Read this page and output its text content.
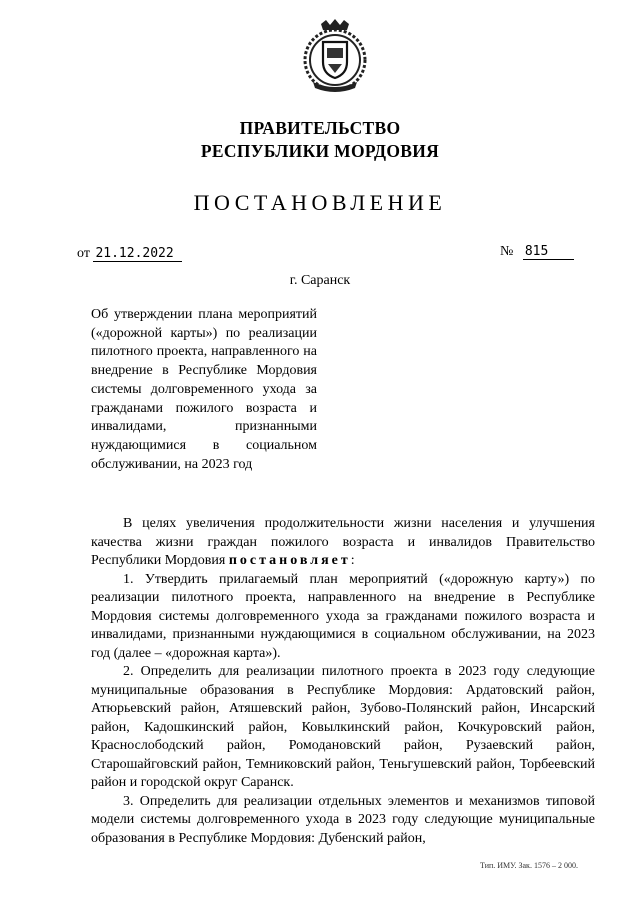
ПРАВИТЕЛЬСТВО
РЕСПУБЛИКИ МОРДОВИЯ
ПОСТАНОВЛЕНИЕ
от 21.12.2022	№ 815
г. Саранск
Об утверждении плана мероприятий («дорожной карты») по реализации пилотного проекта, направленного на внедрение в Республике Мордовия системы долговременного ухода за гражданами пожилого возраста и инвалидами, признанными нуждающимися в социальном обслуживании, на 2023 год

В целях увеличения продолжительности жизни населения и улучшения качества жизни граждан пожилого возраста и инвалидов Правительство Республики Мордовия постановляет:

1. Утвердить прилагаемый план мероприятий («дорожную карту») по реализации пилотного проекта, направленного на внедрение в Республике Мордовия системы долговременного ухода за гражданами пожилого возраста и инвалидами, признанными нуждающимися в социальном обслуживании, на 2023 год (далее – «дорожная карта»).

2. Определить для реализации пилотного проекта в 2023 году следующие муниципальные образования в Республике Мордовия: Ардатовский район, Атюрьевский район, Атяшевский район, Зубово-Полянский район, Инсарский район, Кадошкинский район, Ковылкинский район, Кочкуровский район, Краснослободский район, Ромодановский район, Рузаевский район, Старошайговский район, Темниковский район, Теньгушевский район, Торбеевский район и городской округ Саранск.

3. Определить для реализации отдельных элементов и механизмов типовой модели системы долговременного ухода в 2023 году следующие муниципальные образования в Республике Мордовия: Дубенский район,

Тип. ИМУ. Зак. 1576 – 2 000.
